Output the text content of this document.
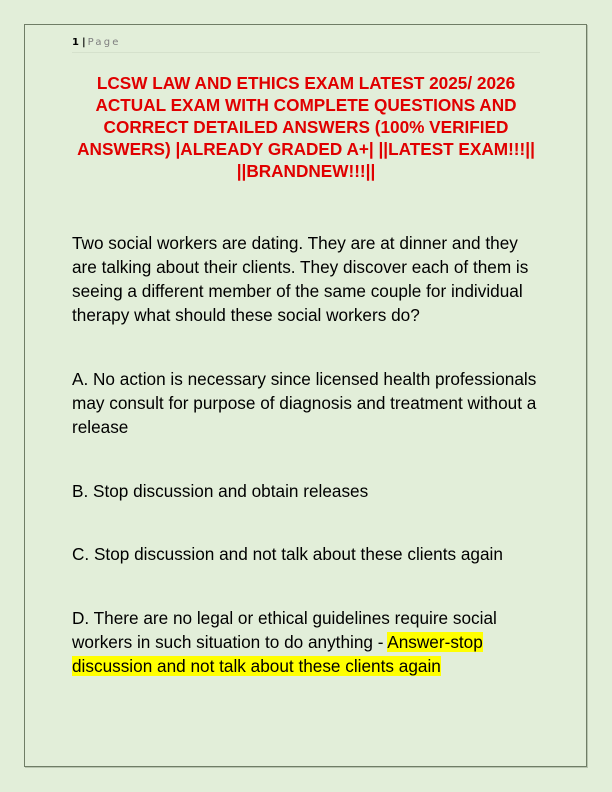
1 | Page
LCSW LAW AND ETHICS EXAM LATEST 2025/ 2026 ACTUAL EXAM WITH COMPLETE QUESTIONS AND CORRECT DETAILED ANSWERS (100% VERIFIED ANSWERS) |ALREADY GRADED A+| ||LATEST EXAM!!!|| ||BRANDNEW!!!||

Two social workers are dating. They are at dinner and they are talking about their clients. They discover each of them is seeing a different member of the same couple for individual therapy what should these social workers do?

A. No action is necessary since licensed health professionals may consult for purpose of diagnosis and treatment without a release

B. Stop discussion and obtain releases

C. Stop discussion and not talk about these clients again

D. There are no legal or ethical guidelines require social workers in such situation to do anything - Answer-stop discussion and not talk about these clients again
